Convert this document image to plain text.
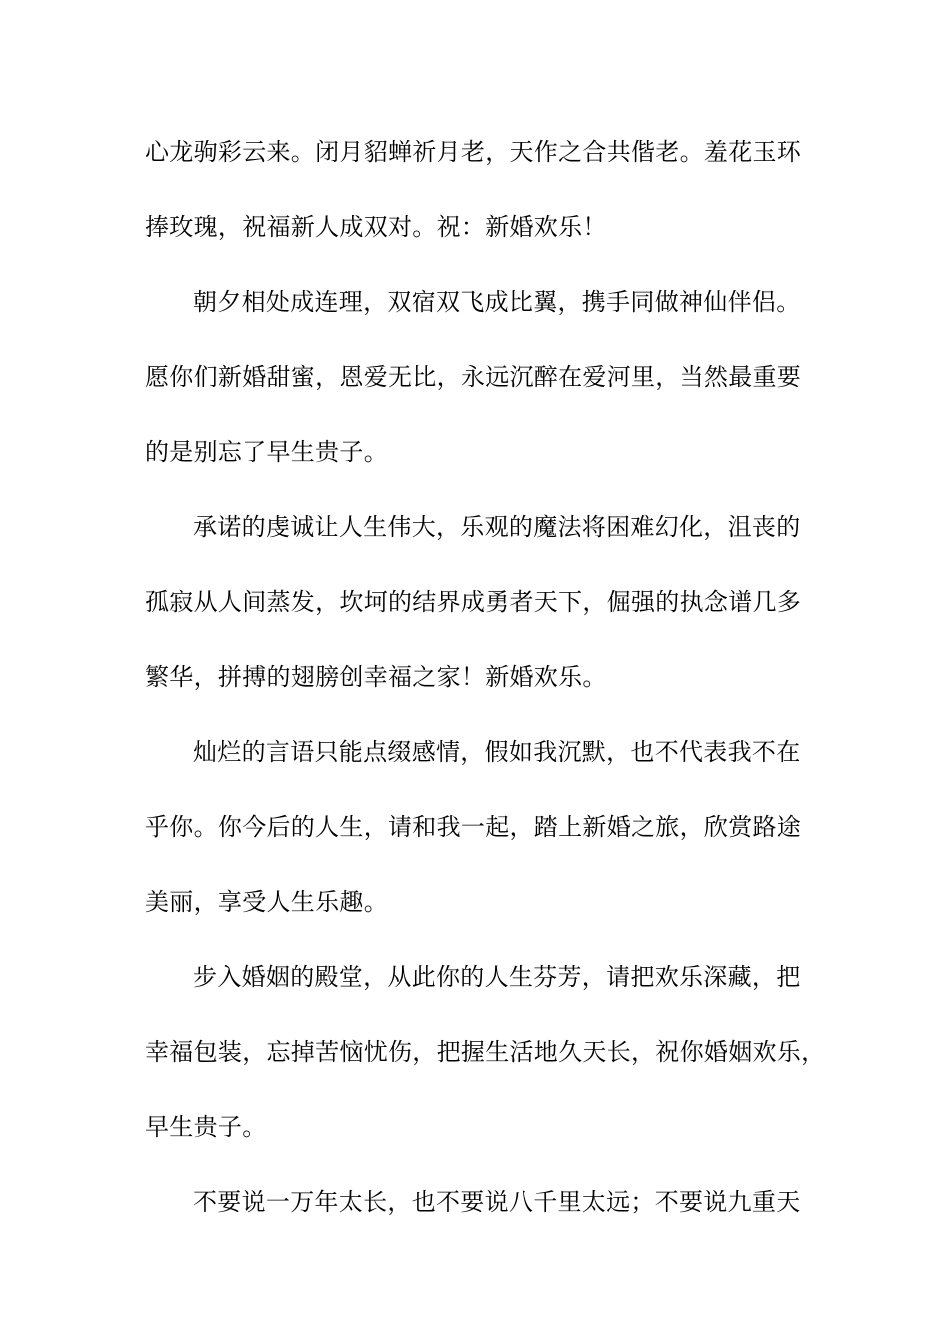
心龙驹彩云来。闭月貂蝉祈月老，天作之合共偕老。羞花玉环
捧玫瑰，祝福新人成双对。祝：新婚欢乐！
朝夕相处成连理，双宿双飞成比翼，携手同做神仙伴侣。
愿你们新婚甜蜜，恩爱无比，永远沉醉在爱河里，当然最重要
的是别忘了早生贵子。
承诺的虔诚让人生伟大，乐观的魔法将困难幻化，沮丧的
孤寂从人间蒸发，坎坷的结界成勇者天下，倔强的执念谱几多
繁华，拼搏的翅膀创幸福之家！新婚欢乐。
灿烂的言语只能点缀感情，假如我沉默，也不代表我不在
乎你。你今后的人生，请和我一起，踏上新婚之旅，欣赏路途
美丽，享受人生乐趣。
步入婚姻的殿堂，从此你的人生芬芳，请把欢乐深藏，把
幸福包装，忘掉苦恼忧伤，把握生活地久天长，祝你婚姻欢乐，
早生贵子。
不要说一万年太长，也不要说八千里太远；不要说九重天
